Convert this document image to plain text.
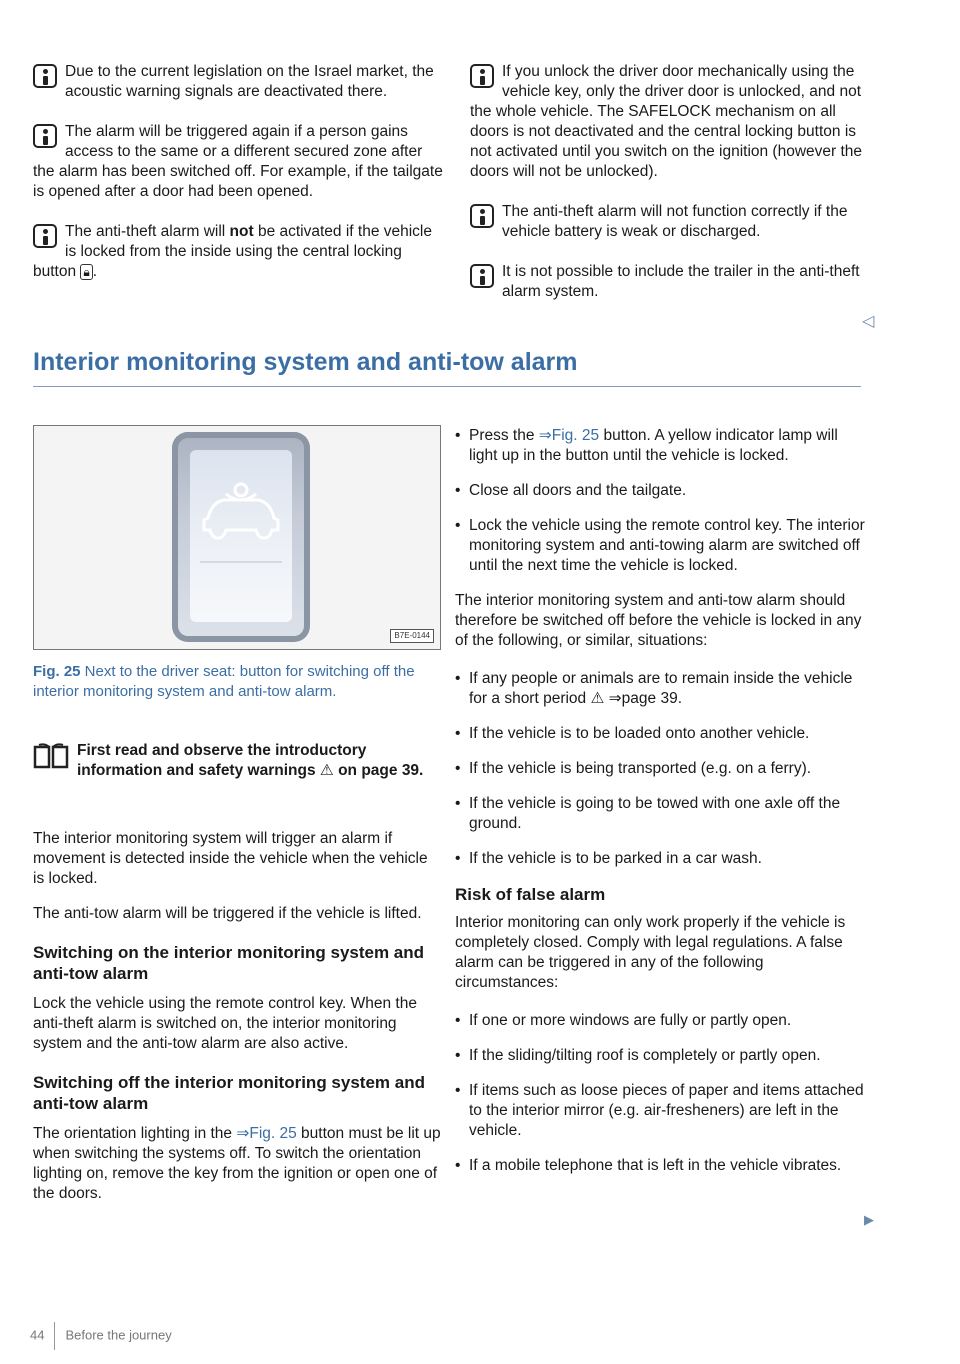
Due to the current legislation on the Israel market, the acoustic warning signals are deactivated there.

The alarm will be triggered again if a person gains access to the same or a different secured zone after the alarm has been switched off. For example, if the tailgate is opened after a door had been opened.

The anti-theft alarm will not be activated if the vehicle is locked from the inside using the central locking button 🔒︎ .

If you unlock the driver door mechanically using the vehicle key, only the driver door is unlocked, and not the whole vehicle. The SAFELOCK mechanism on all doors is not deactivated and the central locking button is not activated until you switch on the ignition (however the doors will not be unlocked).

The anti-theft alarm will not function correctly if the vehicle battery is weak or discharged.

It is not possible to include the trailer in the anti-theft alarm system.

◁
Interior monitoring system and anti-tow alarm
B7E-0144
Fig. 25 Next to the driver seat: button for switching off the interior monitoring system and anti-tow alarm.
First read and observe the introductory information and safety warnings ⚠ on page 39.

The interior monitoring system will trigger an alarm if movement is detected inside the vehicle when the vehicle is locked.

The anti-tow alarm will be triggered if the vehicle is lifted.

Switching on the interior monitoring system and anti-tow alarm

Lock the vehicle using the remote control key. When the anti-theft alarm is switched on, the interior monitoring system and the anti-tow alarm are also active.

Switching off the interior monitoring system and anti-tow alarm

The orientation lighting in the ⇒Fig. 25 button must be lit up when switching the systems off. To switch the orientation lighting on, remove the key from the ignition or open one of the doors.

• Press the ⇒Fig. 25 button. A yellow indicator lamp will light up in the button until the vehicle is locked.
• Close all doors and the tailgate.
• Lock the vehicle using the remote control key. The interior monitoring system and anti-towing alarm are switched off until the next time the vehicle is locked.

The interior monitoring system and anti-tow alarm should therefore be switched off before the vehicle is locked in any of the following, or similar, situations:

• If any people or animals are to remain inside the vehicle for a short period ⚠ ⇒page 39.
• If the vehicle is to be loaded onto another vehicle.
• If the vehicle is being transported (e.g. on a ferry).
• If the vehicle is going to be towed with one axle off the ground.
• If the vehicle is to be parked in a car wash.
Risk of false alarm

Interior monitoring can only work properly if the vehicle is completely closed. Comply with legal regulations. A false alarm can be triggered in any of the following circumstances:

• If one or more windows are fully or partly open.
• If the sliding/tilting roof is completely or partly open.
• If items such as loose pieces of paper and items attached to the interior mirror (e.g. air-fresheners) are left in the vehicle.
• If a mobile telephone that is left in the vehicle vibrates.
▶
44 Before the journey
